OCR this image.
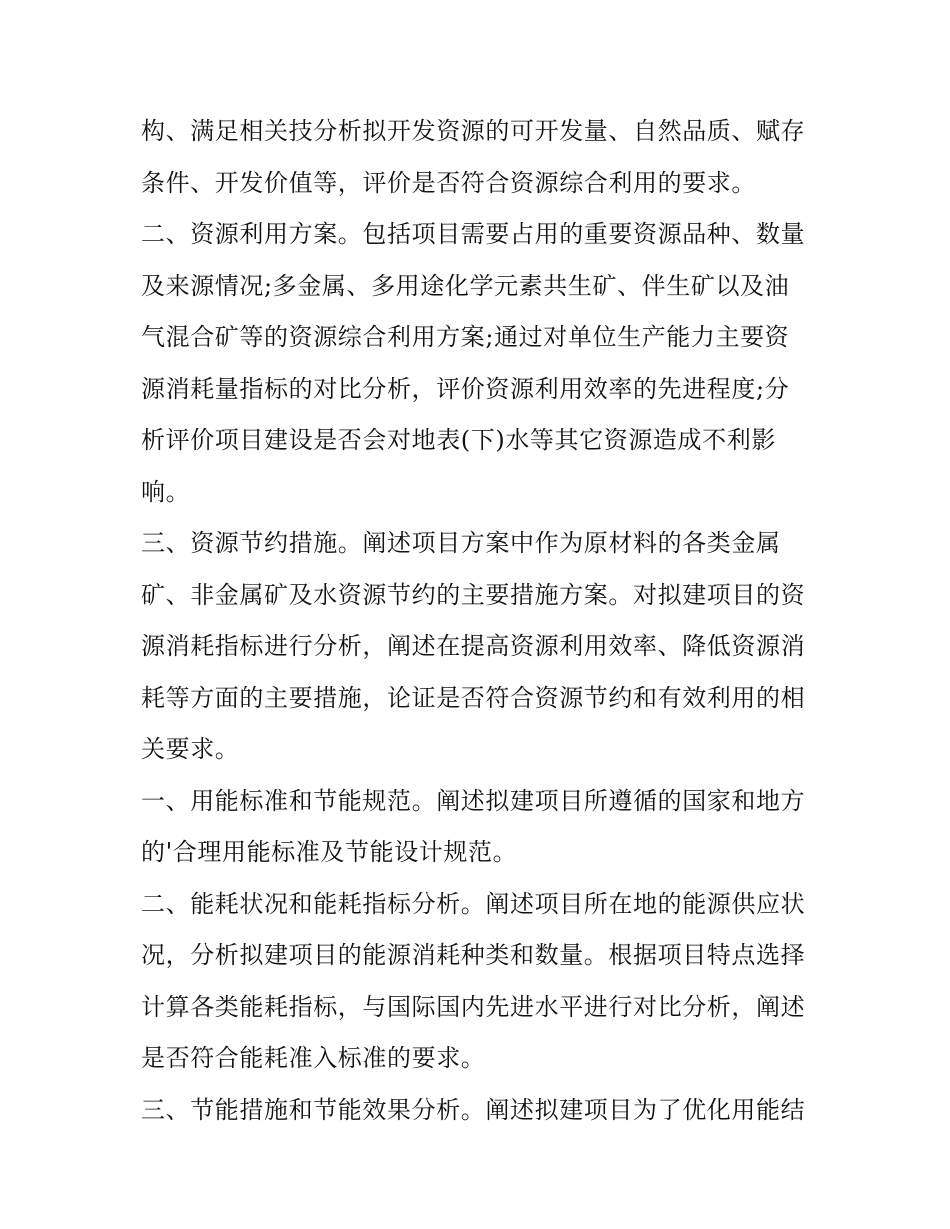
构、满足相关技分析拟开发资源的可开发量、自然品质、赋存
条件、开发价值等，评价是否符合资源综合利用的要求。
二、资源利用方案。包括项目需要占用的重要资源品种、数量
及来源情况;多金属、多用途化学元素共生矿、伴生矿以及油
气混合矿等的资源综合利用方案;通过对单位生产能力主要资
源消耗量指标的对比分析，评价资源利用效率的先进程度;分
析评价项目建设是否会对地表(下)水等其它资源造成不利影
响。
三、资源节约措施。阐述项目方案中作为原材料的各类金属
矿、非金属矿及水资源节约的主要措施方案。对拟建项目的资
源消耗指标进行分析，阐述在提高资源利用效率、降低资源消
耗等方面的主要措施，论证是否符合资源节约和有效利用的相
关要求。
一、用能标准和节能规范。阐述拟建项目所遵循的国家和地方
的'合理用能标准及节能设计规范。
二、能耗状况和能耗指标分析。阐述项目所在地的能源供应状
况，分析拟建项目的能源消耗种类和数量。根据项目特点选择
计算各类能耗指标，与国际国内先进水平进行对比分析，阐述
是否符合能耗准入标准的要求。
三、节能措施和节能效果分析。阐述拟建项目为了优化用能结
